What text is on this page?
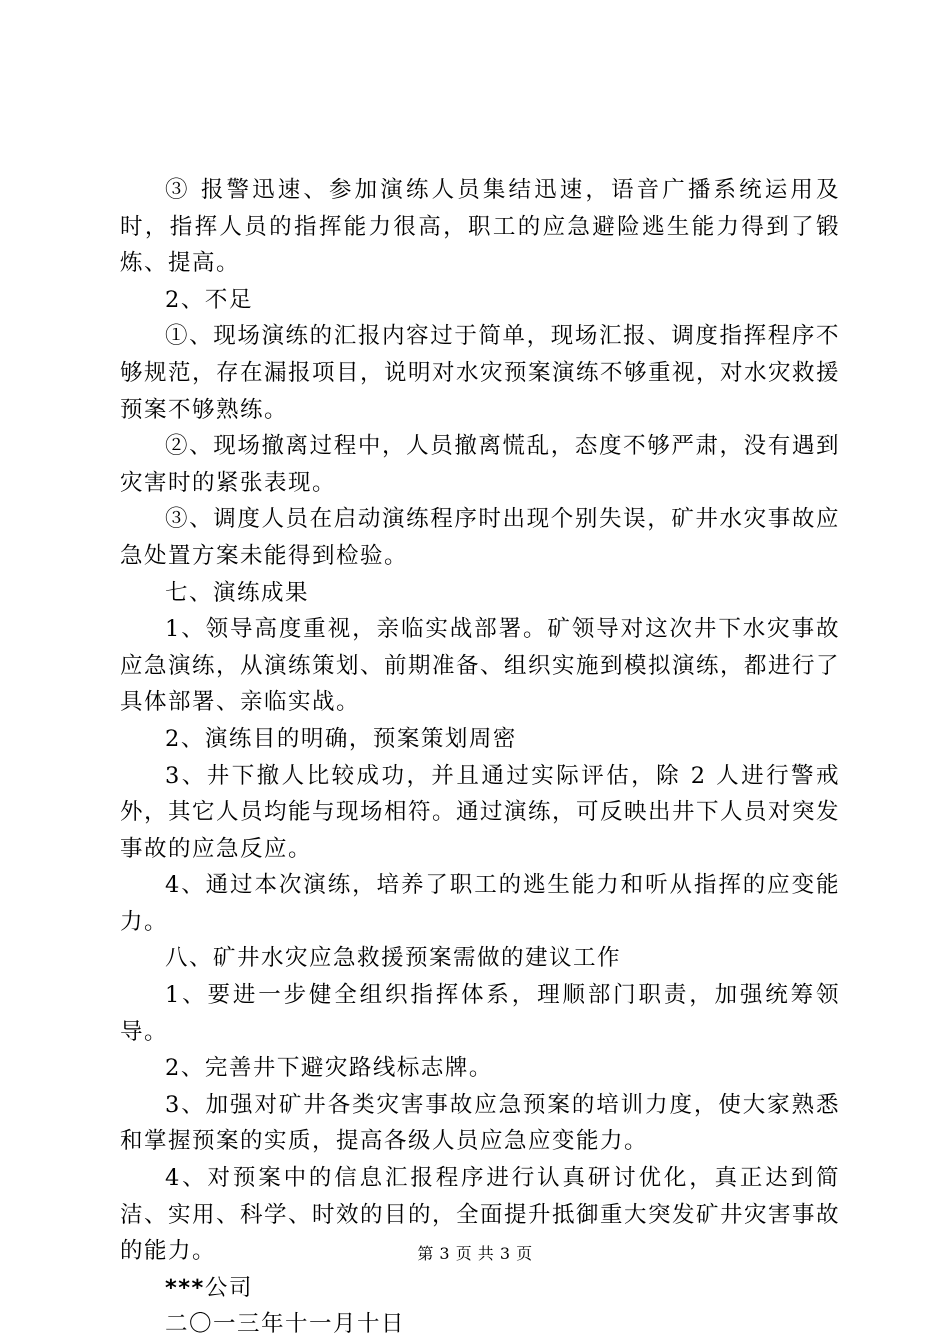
③ 报警迅速、参加演练人员集结迅速，语音广播系统运用及时，指挥人员的指挥能力很高，职工的应急避险逃生能力得到了锻炼、提高。

2、不足

①、现场演练的汇报内容过于简单，现场汇报、调度指挥程序不够规范，存在漏报项目，说明对水灾预案演练不够重视，对水灾救援预案不够熟练。

②、现场撤离过程中，人员撤离慌乱，态度不够严肃，没有遇到灾害时的紧张表现。

③、调度人员在启动演练程序时出现个别失误，矿井水灾事故应急处置方案未能得到检验。

七、演练成果

1、领导高度重视，亲临实战部署。矿领导对这次井下水灾事故应急演练，从演练策划、前期准备、组织实施到模拟演练，都进行了具体部署、亲临实战。

2、演练目的明确，预案策划周密

3、井下撤人比较成功，并且通过实际评估，除 2 人进行警戒外，其它人员均能与现场相符。通过演练，可反映出井下人员对突发事故的应急反应。

4、通过本次演练，培养了职工的逃生能力和听从指挥的应变能力。

八、矿井水灾应急救援预案需做的建议工作

1、要进一步健全组织指挥体系，理顺部门职责，加强统筹领导。

2、完善井下避灾路线标志牌。

3、加强对矿井各类灾害事故应急预案的培训力度，使大家熟悉和掌握预案的实质，提高各级人员应急应变能力。

4、对预案中的信息汇报程序进行认真研讨优化，真正达到简洁、实用、科学、时效的目的，全面提升抵御重大突发矿井灾害事故的能力。

***公司

二〇一三年十一月十日

第 3 页 共 3 页
